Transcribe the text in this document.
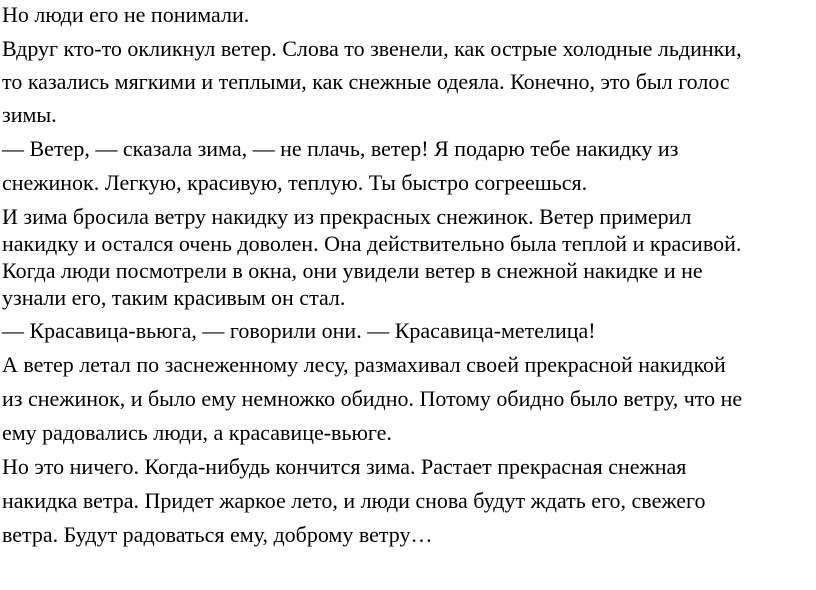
Но люди его не понимали.
Вдруг кто-то окликнул ветер. Слова то звенели, как острые холодные льдинки,
то казались мягкими и теплыми, как снежные одеяла. Конечно, это был голос
зимы.
— Ветер, — сказала зима, — не плачь, ветер! Я подарю тебе накидку из
снежинок. Легкую, красивую, теплую. Ты быстро согреешься.
И зима бросила ветру накидку из прекрасных снежинок. Ветер примерил
накидку и остался очень доволен. Она действительно была теплой и красивой.
Когда люди посмотрели в окна, они увидели ветер в снежной накидке и не
узнали его, таким красивым он стал.
— Красавица-вьюга, — говорили они. — Красавица-метелица!
А ветер летал по заснеженному лесу, размахивал своей прекрасной накидкой
из снежинок, и было ему немножко обидно. Потому обидно было ветру, что не
ему радовались люди, а красавице-вьюге.
Но это ничего. Когда-нибудь кончится зима. Растает прекрасная снежная
накидка ветра. Придет жаркое лето, и люди снова будут ждать его, свежего
ветра. Будут радоваться ему, доброму ветру…
